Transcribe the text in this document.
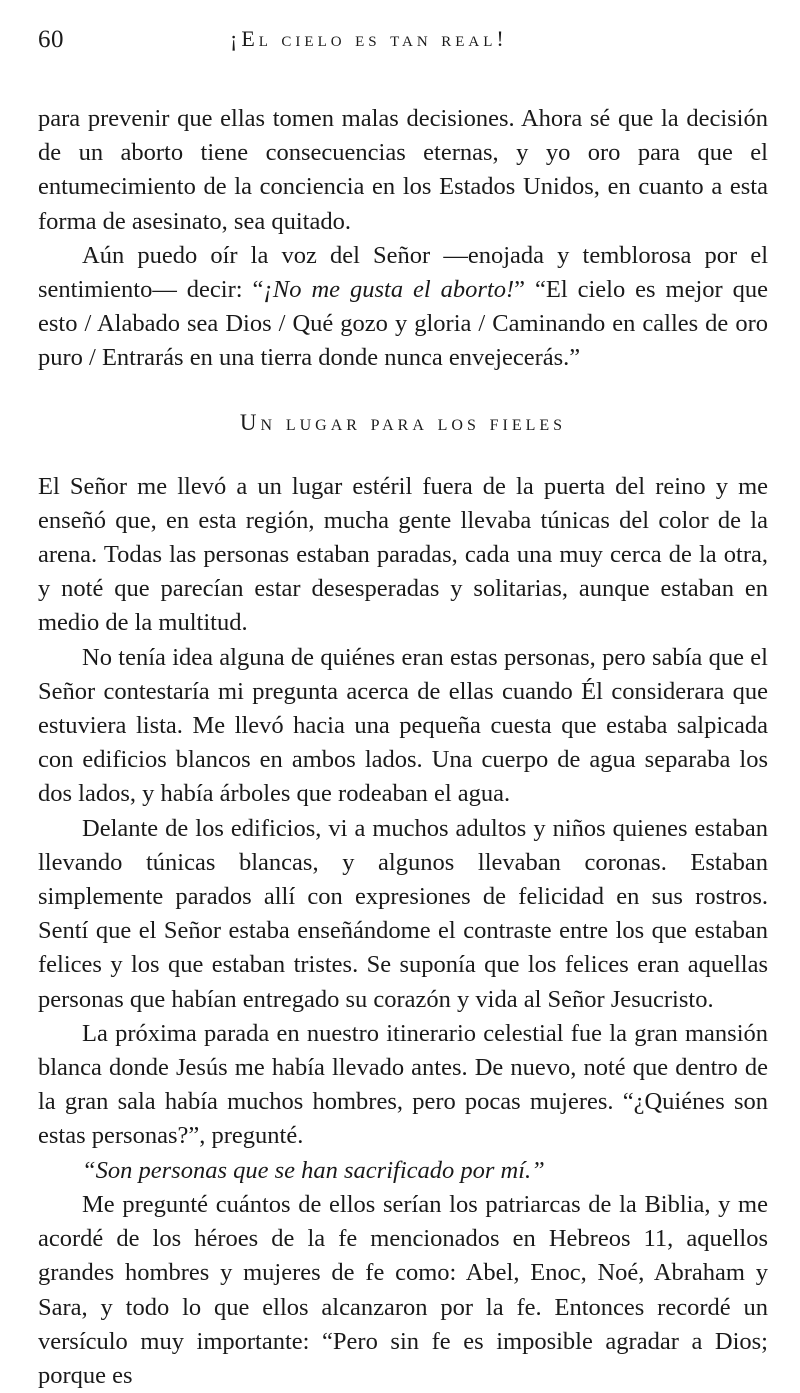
60	¡El cielo es tan real!

para prevenir que ellas tomen malas decisiones. Ahora sé que la decisión de un aborto tiene consecuencias eternas, y yo oro para que el entumecimiento de la conciencia en los Estados Unidos, en cuanto a esta forma de asesinato, sea quitado.

Aún puedo oír la voz del Señor —enojada y temblorosa por el sentimiento— decir: “¡No me gusta el aborto!” “El cielo es mejor que esto / Alabado sea Dios / Qué gozo y gloria / Caminando en calles de oro puro / Entrarás en una tierra donde nunca envejecerás.”

Un lugar para los fieles

El Señor me llevó a un lugar estéril fuera de la puerta del reino y me enseñó que, en esta región, mucha gente llevaba túnicas del color de la arena. Todas las personas estaban paradas, cada una muy cerca de la otra, y noté que parecían estar desesperadas y solitarias, aunque estaban en medio de la multitud.

No tenía idea alguna de quiénes eran estas personas, pero sabía que el Señor contestaría mi pregunta acerca de ellas cuando Él considerara que estuviera lista. Me llevó hacia una pequeña cuesta que estaba salpicada con edificios blancos en ambos lados. Una cuerpo de agua separaba los dos lados, y había árboles que rodeaban el agua.

Delante de los edificios, vi a muchos adultos y niños quienes estaban llevando túnicas blancas, y algunos llevaban coronas. Estaban simplemente parados allí con expresiones de felicidad en sus rostros. Sentí que el Señor estaba enseñándome el contraste entre los que estaban felices y los que estaban tristes. Se suponía que los felices eran aquellas personas que habían entregado su corazón y vida al Señor Jesucristo.

La próxima parada en nuestro itinerario celestial fue la gran mansión blanca donde Jesús me había llevado antes. De nuevo, noté que dentro de la gran sala había muchos hombres, pero pocas mujeres. “¿Quiénes son estas personas?”, pregunté.

“Son personas que se han sacrificado por mí.”

Me pregunté cuántos de ellos serían los patriarcas de la Biblia, y me acordé de los héroes de la fe mencionados en Hebreos 11, aquellos grandes hombres y mujeres de fe como: Abel, Enoc, Noé, Abraham y Sara, y todo lo que ellos alcanzaron por la fe. Entonces recordé un versículo muy importante: “Pero sin fe es imposible agradar a Dios; porque es
